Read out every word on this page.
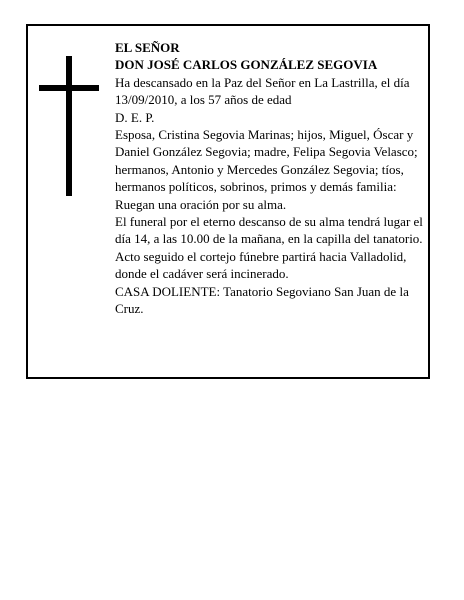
EL SEÑOR

DON JOSÉ CARLOS GONZÁLEZ SEGOVIA

Ha descansado en la Paz del Señor en La Lastrilla, el día 13/09/2010, a los 57 años de edad

D. E. P.

Esposa, Cristina Segovia Marinas; hijos, Miguel, Óscar y Daniel González Segovia; madre, Felipa Segovia Velasco; hermanos, Antonio y Mercedes González Segovia; tíos, hermanos políticos, sobrinos, primos y demás familia:

Ruegan una oración por su alma.

El funeral por el eterno descanso de su alma tendrá lugar el día 14, a las 10.00 de la mañana, en la capilla del tanatorio. Acto seguido el cortejo fúnebre partirá hacia Valladolid, donde el cadáver será incinerado.

CASA DOLIENTE: Tanatorio Segoviano San Juan de la Cruz.
